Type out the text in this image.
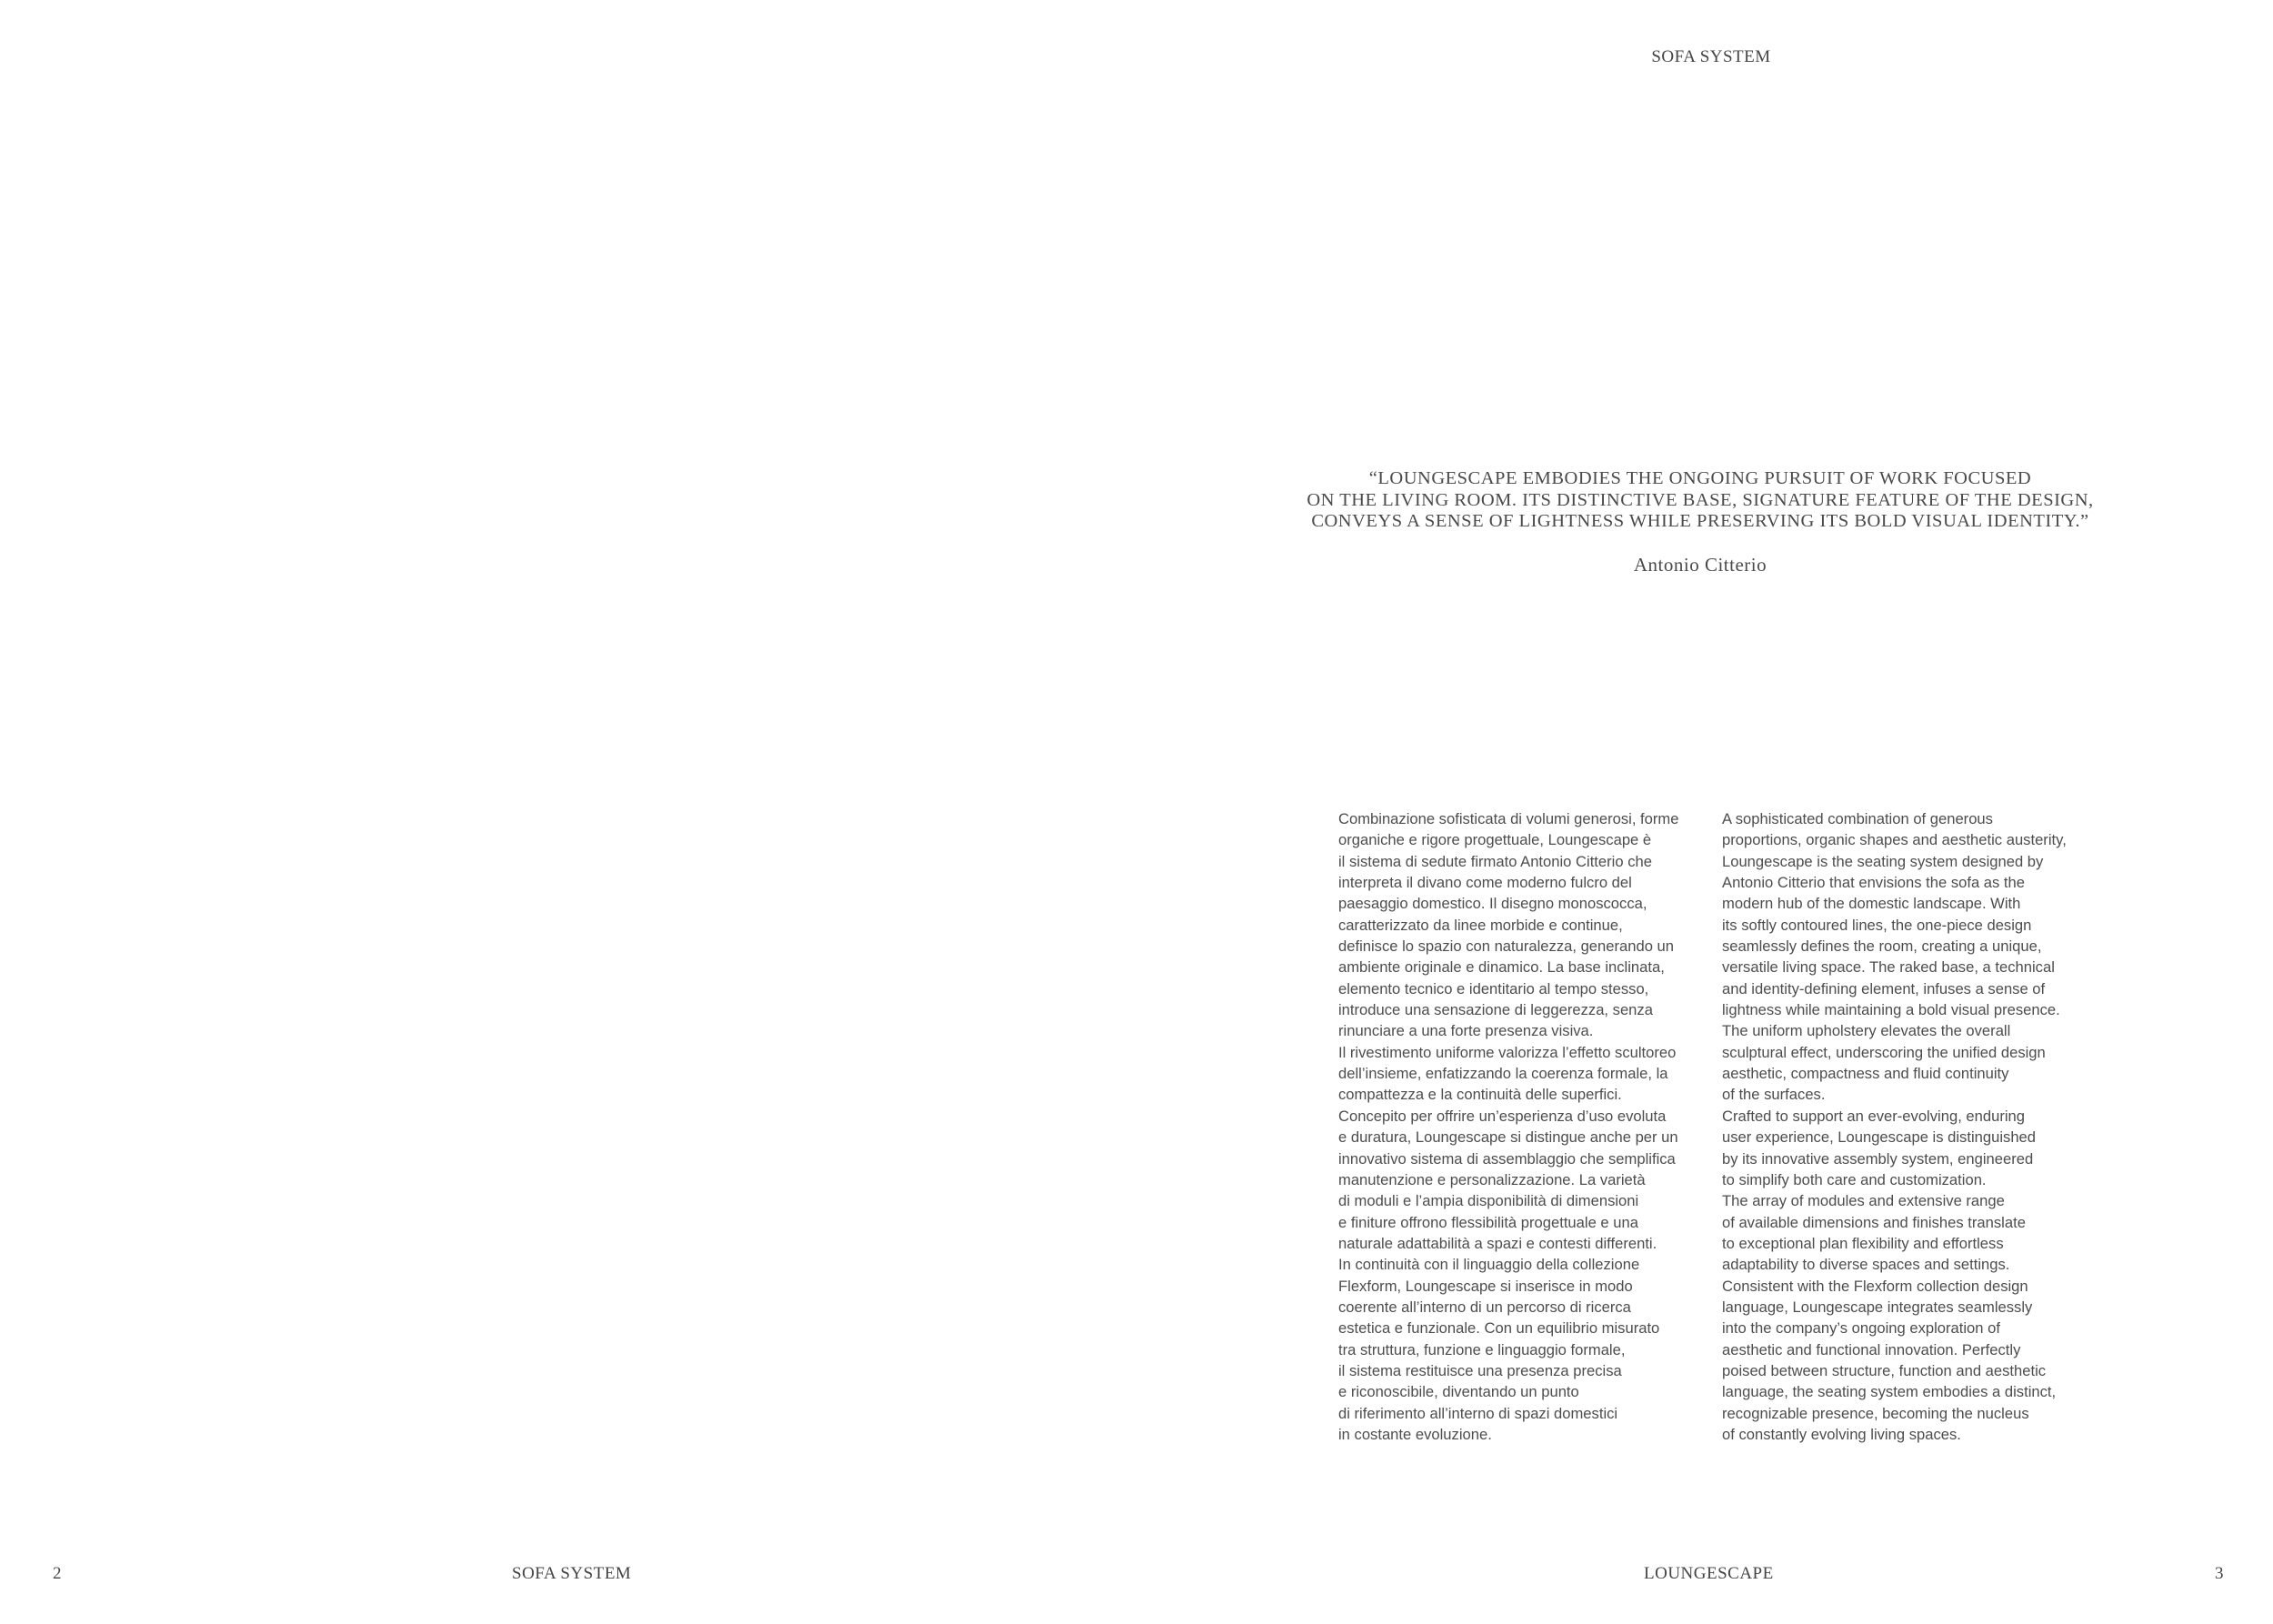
SOFA SYSTEM
“LOUNGESCAPE EMBODIES THE ONGOING PURSUIT OF WORK FOCUSED
ON THE LIVING ROOM. ITS DISTINCTIVE BASE, SIGNATURE FEATURE OF THE DESIGN,
CONVEYS A SENSE OF LIGHTNESS WHILE PRESERVING ITS BOLD VISUAL IDENTITY.”
Antonio Citterio
Combinazione sofisticata di volumi generosi, forme
organiche e rigore progettuale, Loungescape è
il sistema di sedute firmato Antonio Citterio che
interpreta il divano come moderno fulcro del
paesaggio domestico. Il disegno monoscocca,
caratterizzato da linee morbide e continue,
definisce lo spazio con naturalezza, generando un
ambiente originale e dinamico. La base inclinata,
elemento tecnico e identitario al tempo stesso,
introduce una sensazione di leggerezza, senza
rinunciare a una forte presenza visiva.
Il rivestimento uniforme valorizza l’effetto scultoreo
dell’insieme, enfatizzando la coerenza formale, la
compattezza e la continuità delle superfici.
Concepito per offrire un’esperienza d’uso evoluta
e duratura, Loungescape si distingue anche per un
innovativo sistema di assemblaggio che semplifica
manutenzione e personalizzazione. La varietà
di moduli e l’ampia disponibilità di dimensioni
e finiture offrono flessibilità progettuale e una
naturale adattabilità a spazi e contesti differenti.
In continuità con il linguaggio della collezione
Flexform, Loungescape si inserisce in modo
coerente all’interno di un percorso di ricerca
estetica e funzionale. Con un equilibrio misurato
tra struttura, funzione e linguaggio formale,
il sistema restituisce una presenza precisa
e riconoscibile, diventando un punto
di riferimento all’interno di spazi domestici
in costante evoluzione.
A sophisticated combination of generous
proportions, organic shapes and aesthetic austerity,
Loungescape is the seating system designed by
Antonio Citterio that envisions the sofa as the
modern hub of the domestic landscape. With
its softly contoured lines, the one-piece design
seamlessly defines the room, creating a unique,
versatile living space. The raked base, a technical
and identity-defining element, infuses a sense of
lightness while maintaining a bold visual presence.
The uniform upholstery elevates the overall
sculptural effect, underscoring the unified design
aesthetic, compactness and fluid continuity
of the surfaces.
Crafted to support an ever-evolving, enduring
user experience, Loungescape is distinguished
by its innovative assembly system, engineered
to simplify both care and customization.
The array of modules and extensive range
of available dimensions and finishes translate
to exceptional plan flexibility and effortless
adaptability to diverse spaces and settings.
Consistent with the Flexform collection design
language, Loungescape integrates seamlessly
into the company’s ongoing exploration of
aesthetic and functional innovation. Perfectly
poised between structure, function and aesthetic
language, the seating system embodies a distinct,
recognizable presence, becoming the nucleus
of constantly evolving living spaces.
2	SOFA SYSTEM	LOUNGESCAPE	3
